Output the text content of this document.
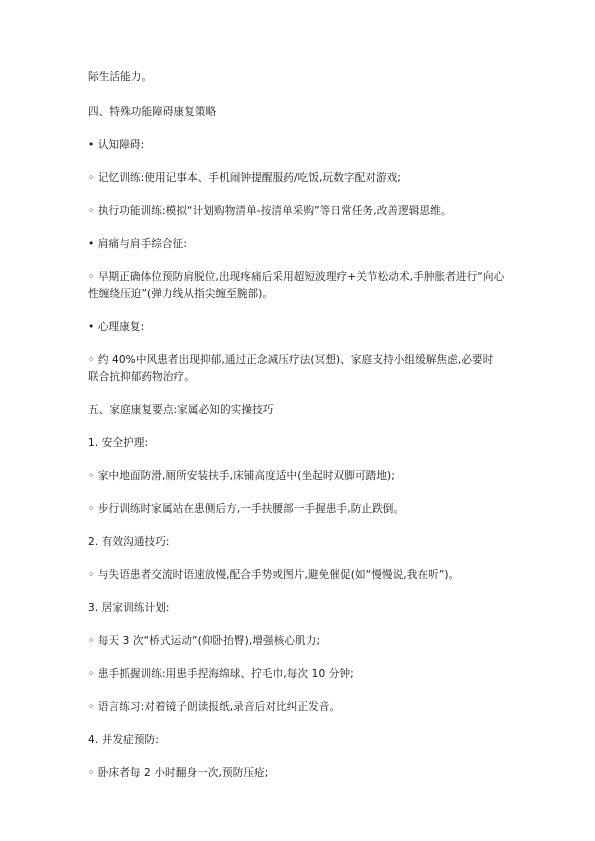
际生活能力。
四、特殊功能障碍康复策略
• 认知障碍:
◦ 记忆训练:使用记事本、手机闹钟提醒服药/吃饭,玩数字配对游戏;
◦ 执行功能训练:模拟“计划购物清单-按清单采购”等日常任务,改善逻辑思维。
• 肩痛与肩手综合征:
◦ 早期正确体位预防肩脱位,出现疼痛后采用超短波理疗+关节松动术,手肿胀者进行“向心
性缠绕压迫”(弹力线从指尖缠至腕部)。
• 心理康复:
◦ 约 40%中风患者出现抑郁,通过正念减压疗法(冥想)、家庭支持小组缓解焦虑,必要时
联合抗抑郁药物治疗。
五、家庭康复要点:家属必知的实操技巧
1. 安全护理:
◦ 家中地面防滑,厕所安装扶手,床铺高度适中(坐起时双脚可踏地);
◦ 步行训练时家属站在患侧后方,一手扶腰部一手握患手,防止跌倒。
2. 有效沟通技巧:
◦ 与失语患者交流时语速放慢,配合手势或图片,避免催促(如“慢慢说,我在听”)。
3. 居家训练计划:
◦ 每天 3 次“桥式运动”(仰卧抬臀),增强核心肌力;
◦ 患手抓握训练:用患手捏海绵球、拧毛巾,每次 10 分钟;
◦ 语言练习:对着镜子朗读报纸,录音后对比纠正发音。
4. 并发症预防:
◦ 卧床者每 2 小时翻身一次,预防压疮;
